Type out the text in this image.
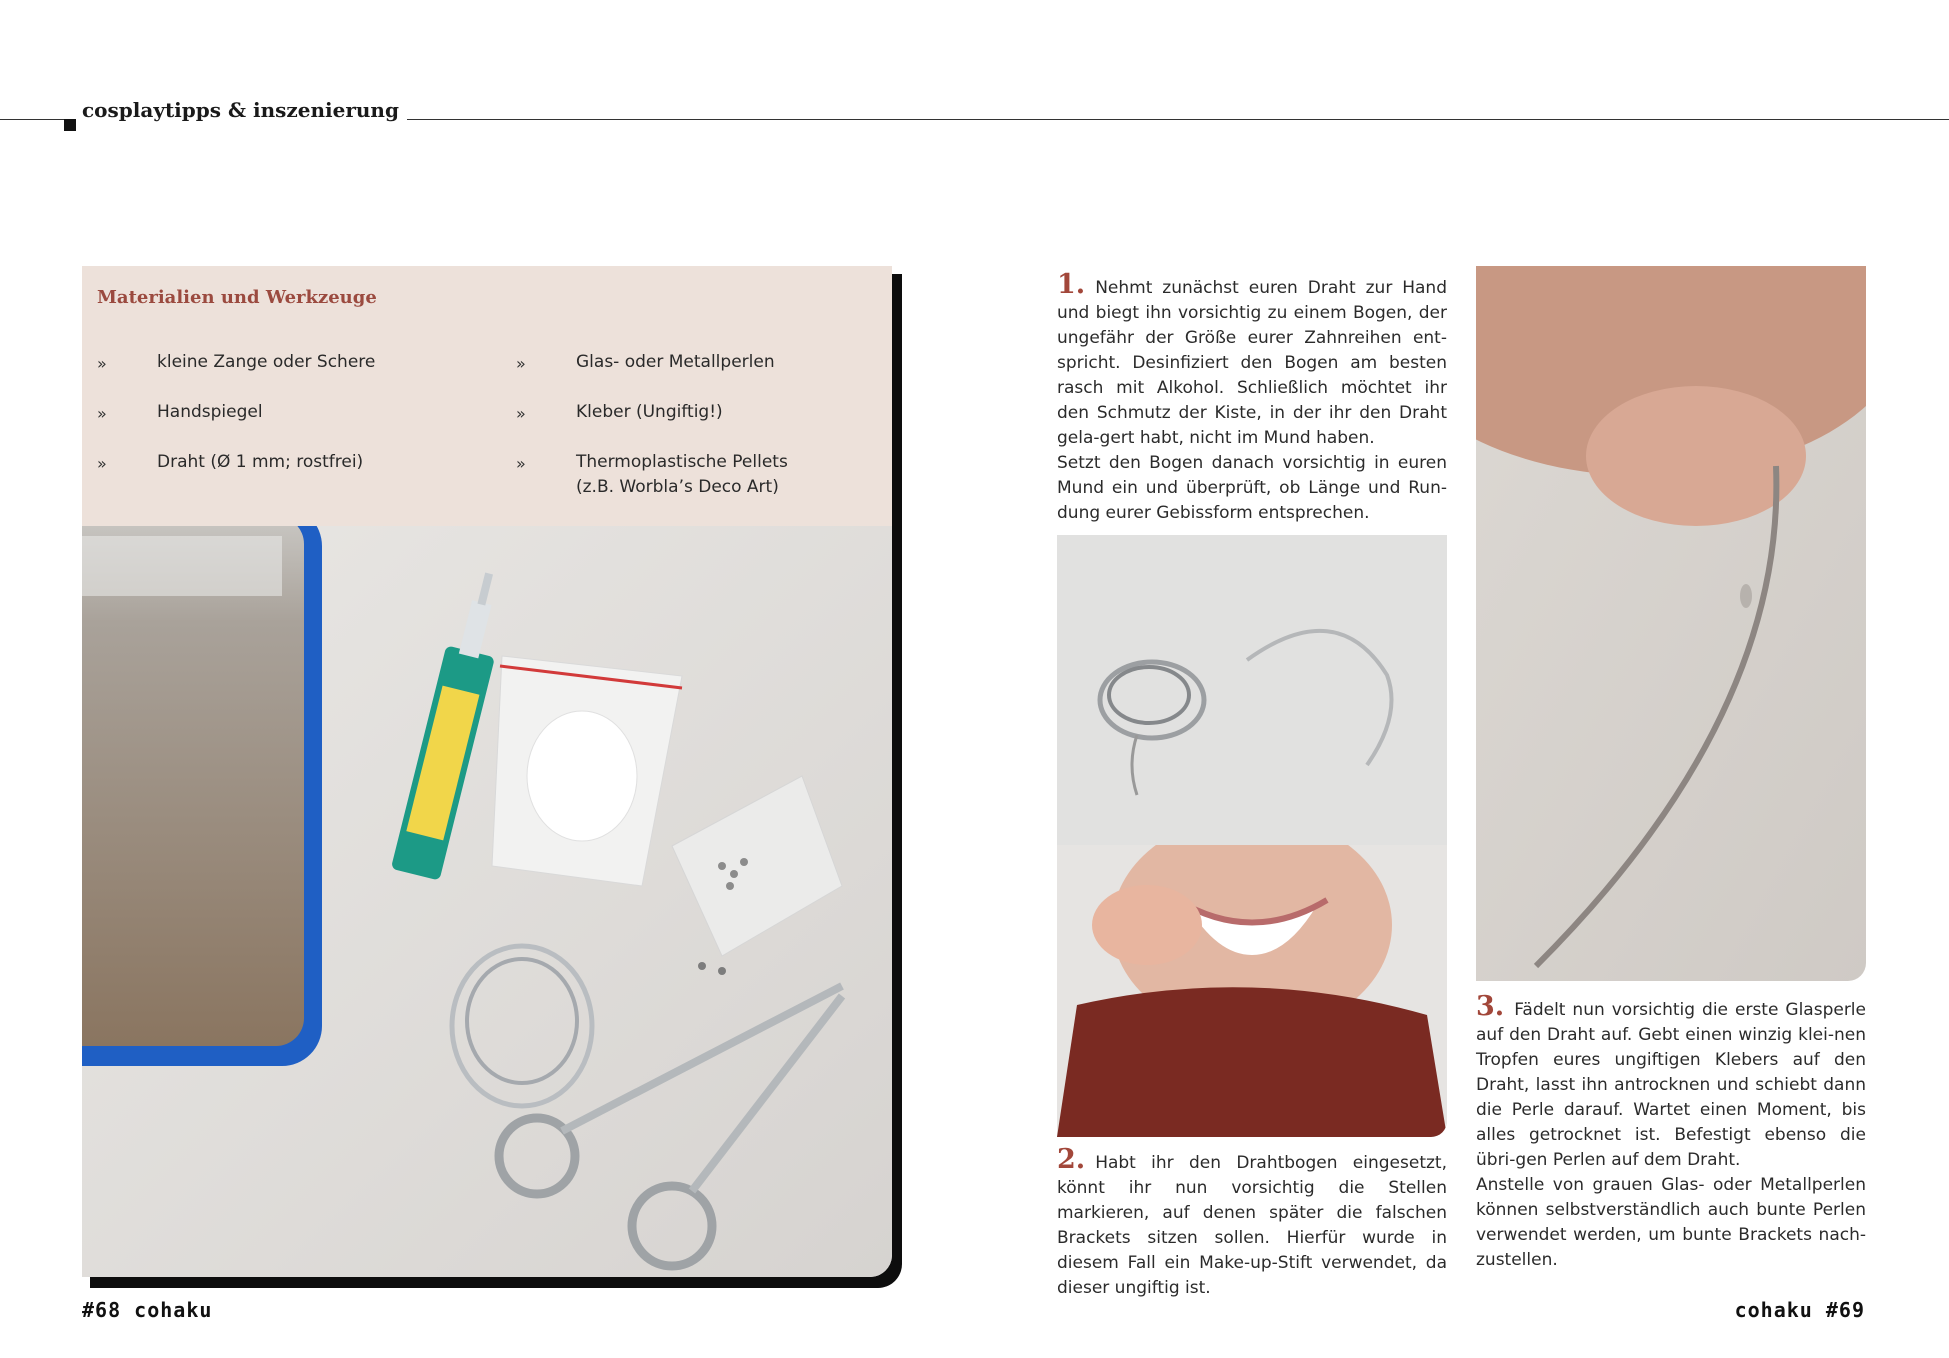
cosplaytipps & inszenierung
Materialien und Werkzeuge
»	kleine Zange oder Schere
»	Handspiegel
»	Draht (Ø 1 mm; rostfrei)
»	Glas- oder Metallperlen
»	Kleber (Ungiftig!)
»	Thermoplastische Pellets
(z.B. Worbla’s Deco Art)

1. Nehmt zunächst euren Draht zur Hand und biegt ihn vorsichtig zu einem Bogen, der ungefähr der Größe eurer Zahnreihen ent-spricht. Desinfiziert den Bogen am besten rasch mit Alkohol. Schließlich möchtet ihr den Schmutz der Kiste, in der ihr den Draht gela-gert habt, nicht im Mund haben.

Setzt den Bogen danach vorsichtig in euren Mund ein und überprüft, ob Länge und Run-dung eurer Gebissform entsprechen.

2. Habt ihr den Drahtbogen eingesetzt, könnt ihr nun vorsichtig die Stellen markieren, auf denen später die falschen Brackets sitzen sollen. Hierfür wurde in diesem Fall ein Make-up-Stift verwendet, da dieser ungiftig ist.

3. Fädelt nun vorsichtig die erste Glasperle auf den Draht auf. Gebt einen winzig klei-nen Tropfen eures ungiftigen Klebers auf den Draht, lasst ihn antrocknen und schiebt dann die Perle darauf. Wartet einen Moment, bis alles getrocknet ist. Befestigt ebenso die übri-gen Perlen auf dem Draht.

Anstelle von grauen Glas- oder Metallperlen können selbstverständlich auch bunte Perlen verwendet werden, um bunte Brackets nach-zustellen.

#68 cohaku	cohaku #69
